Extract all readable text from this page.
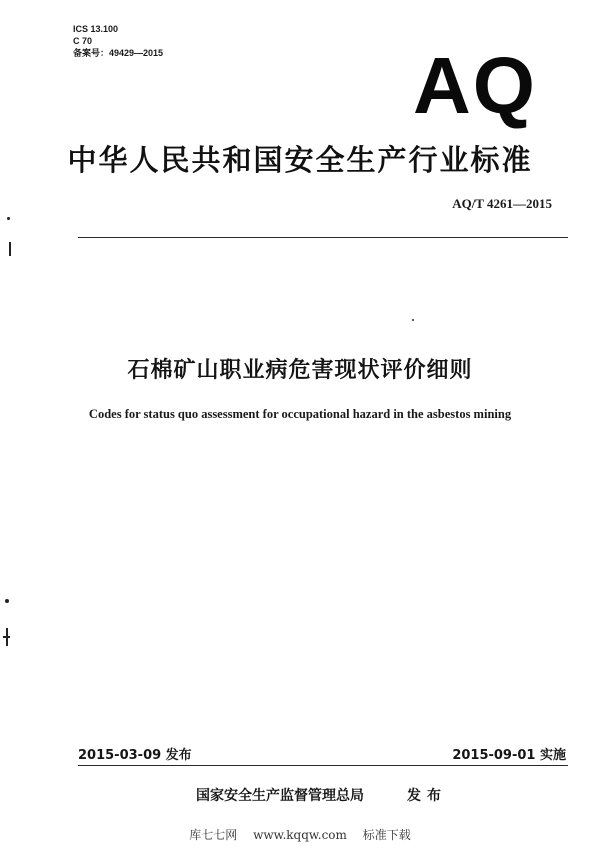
ICS 13.100
C 70
备案号：49429—2015	AQ
中华人民共和国安全生产行业标准
AQ/T 4261—2015
石棉矿山职业病危害现状评价细则
Codes for status quo assessment for occupational hazard in the asbestos mining
2015-03-09 发布	2015-09-01 实施
国家安全生产监督管理总局	发布
库七七网 www.kqqw.com 标准下载
